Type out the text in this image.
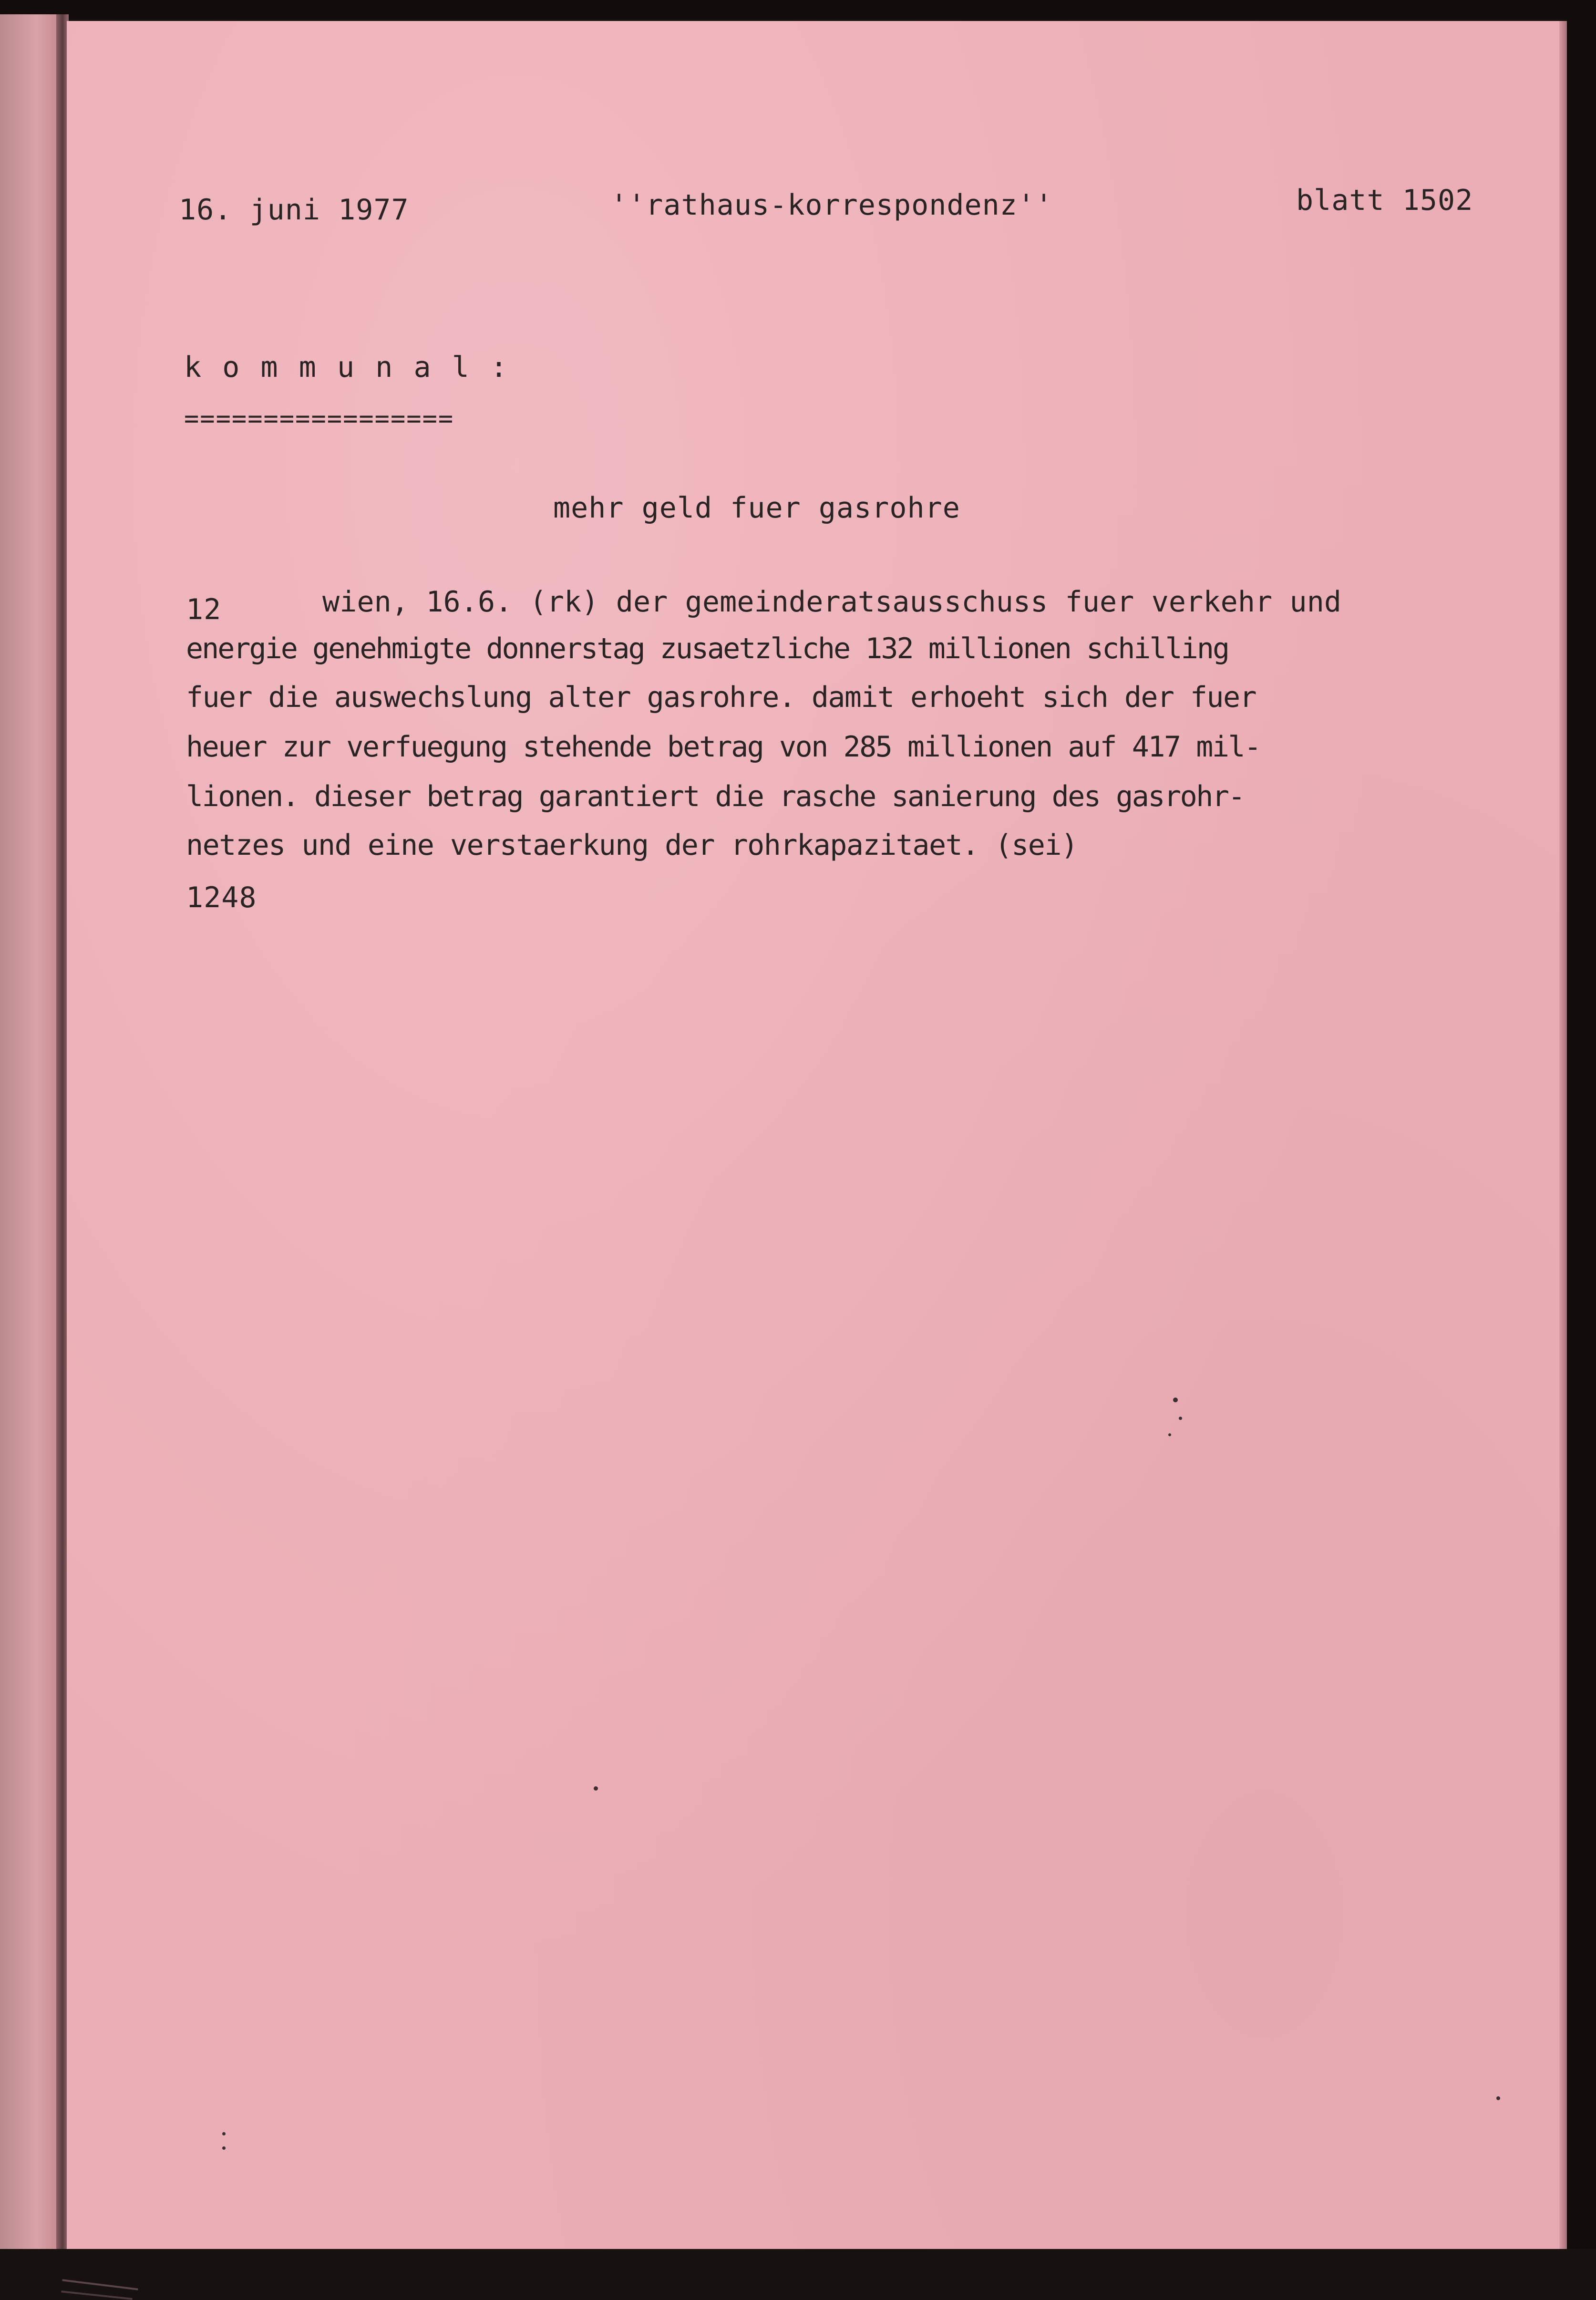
16. juni 1977	''rathaus-korrespondenz''	blatt 1502
k o m m u n a l :
=================
mehr geld fuer gasrohre
12	wien, 16.6. (rk) der gemeinderatsausschuss fuer verkehr und
energie genehmigte donnerstag zusaetzliche 132 millionen schilling
fuer die auswechslung alter gasrohre. damit erhoeht sich der fuer
heuer zur verfuegung stehende betrag von 285 millionen auf 417 mil-
lionen. dieser betrag garantiert die rasche sanierung des gasrohr-
netzes und eine verstaerkung der rohrkapazitaet. (sei)
1248
